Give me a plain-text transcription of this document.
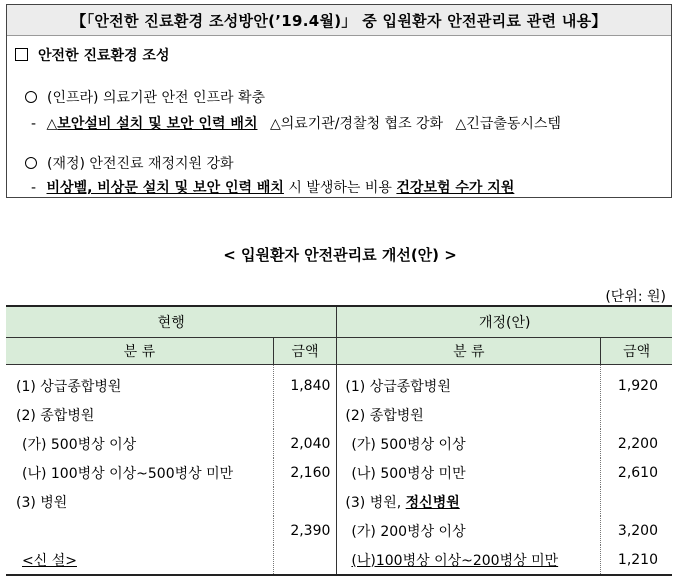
【「안전한 진료환경 조성방안(’19.4월)」 중 입원환자 안전관리료 관련 내용】
안전한 진료환경 조성
(인프라) 의료기관 안전 인프라 확충
- △보안설비 설치 및 보안 인력 배치 △의료기관/경찰청 협조 강화 △긴급출동시스템
(재정) 안전진료 재정지원 강화
- 비상벨, 비상문 설치 및 보안 인력 배치 시 발생하는 비용 건강보험 수가 지원
< 입원환자 안전관리료 개선(안) >
(단위: 원)
현행		개정(안)	
분 류	금액	분 류	금액
(1) 상급종합병원	1,840	(1) 상급종합병원	1,920
(2) 종합병원		(2) 종합병원	
(가) 500병상 이상	2,040	(가) 500병상 이상	2,200
(나) 100병상 이상~500병상 미만	2,160	(나) 500병상 미만	2,610
(3) 병원		(3) 병원, 정신병원	
	2,390	(가) 200병상 이상	3,200
<신 설>		(나)100병상 이상~200병상 미만	1,210
